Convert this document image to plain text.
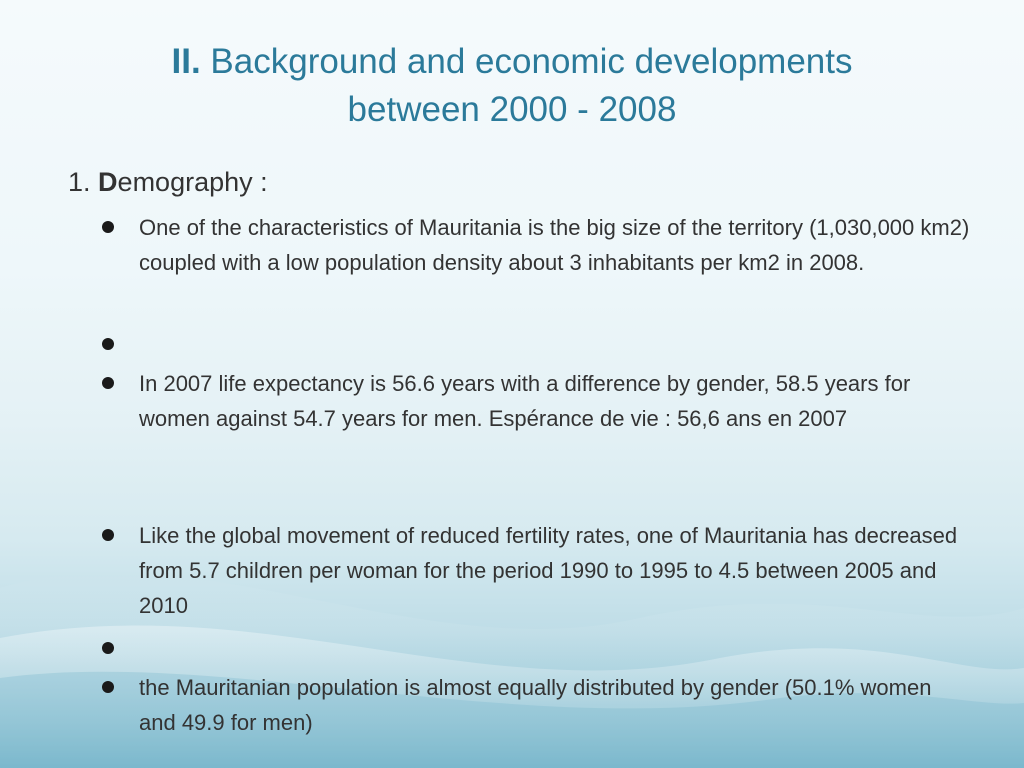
II. Background and economic developments
between 2000 - 2008
1. Demography :
One of the characteristics of Mauritania is the big size of the territory (1,030,000 km2) coupled with a low population density about 3 inhabitants per km2 in 2008.
In 2007 life expectancy is 56.6 years with a difference by gender, 58.5 years for women against 54.7 years for men. Espérance de vie : 56,6 ans en 2007
Like the global movement of reduced fertility rates, one of Mauritania has decreased from 5.7 children per woman for the period 1990 to 1995 to 4.5 between 2005 and 2010
the Mauritanian population is almost equally distributed by gender (50.1% women and 49.9 for men)
